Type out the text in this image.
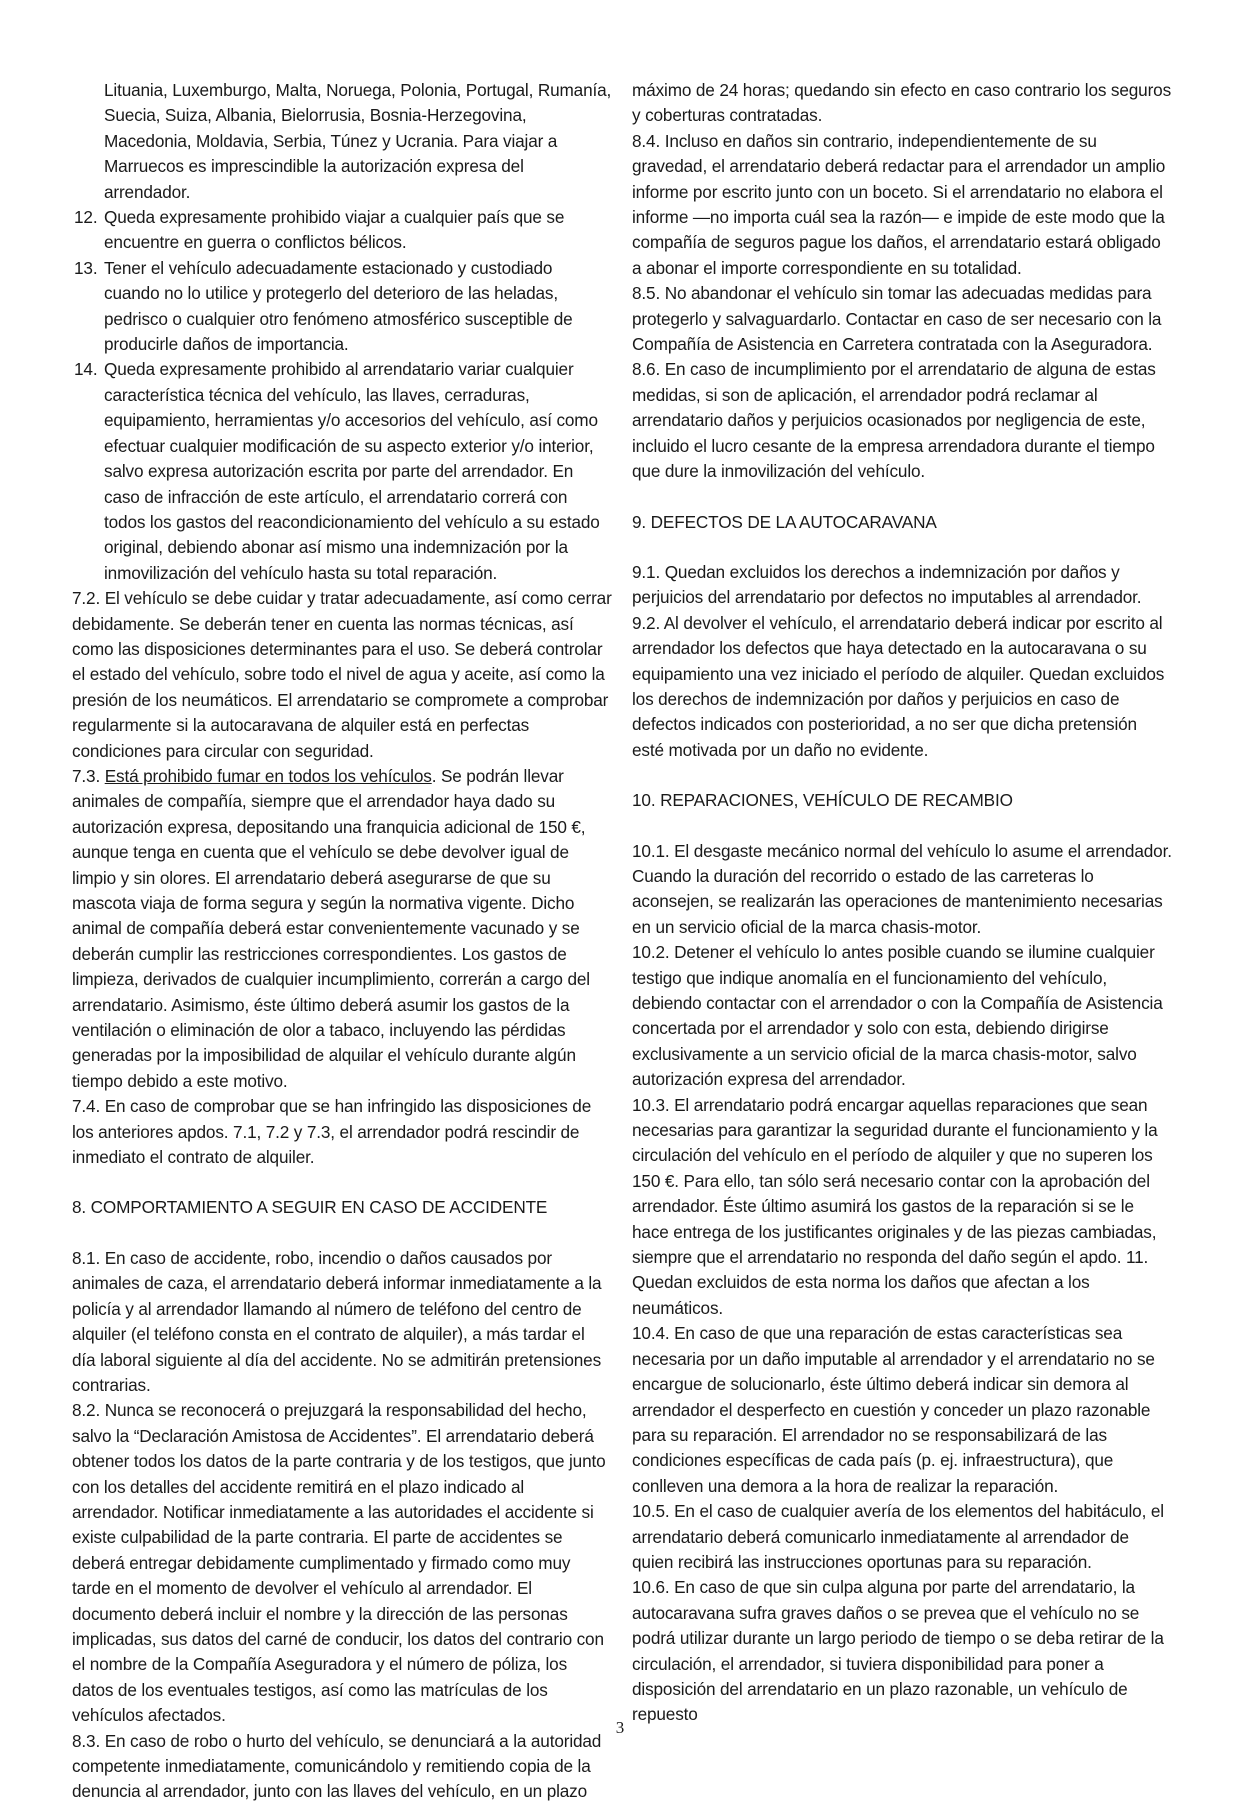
Lituania, Luxemburgo, Malta, Noruega, Polonia, Portugal, Rumanía, Suecia, Suiza, Albania, Bielorrusia, Bosnia-Herzegovina, Macedonia, Moldavia, Serbia, Túnez y Ucrania. Para viajar a Marruecos es imprescindible la autorización expresa del arrendador.

12. Queda expresamente prohibido viajar a cualquier país que se encuentre en guerra o conflictos bélicos.
13. Tener el vehículo adecuadamente estacionado y custodiado cuando no lo utilice y protegerlo del deterioro de las heladas, pedrisco o cualquier otro fenómeno atmosférico susceptible de producirle daños de importancia.
14. Queda expresamente prohibido al arrendatario variar cualquier característica técnica del vehículo, las llaves, cerraduras, equipamiento, herramientas y/o accesorios del vehículo, así como efectuar cualquier modificación de su aspecto exterior y/o interior, salvo expresa autorización escrita por parte del arrendador. En caso de infracción de este artículo, el arrendatario correrá con todos los gastos del reacondicionamiento del vehículo a su estado original, debiendo abonar así mismo una indemnización por la inmovilización del vehículo hasta su total reparación.

7.2. El vehículo se debe cuidar y tratar adecuadamente, así como cerrar debidamente. Se deberán tener en cuenta las normas técnicas, así como las disposiciones determinantes para el uso. Se deberá controlar el estado del vehículo, sobre todo el nivel de agua y aceite, así como la presión de los neumáticos. El arrendatario se compromete a comprobar regularmente si la autocaravana de alquiler está en perfectas condiciones para circular con seguridad.

7.3. Está prohibido fumar en todos los vehículos. Se podrán llevar animales de compañía, siempre que el arrendador haya dado su autorización expresa, depositando una franquicia adicional de 150 €, aunque tenga en cuenta que el vehículo se debe devolver igual de limpio y sin olores. El arrendatario deberá asegurarse de que su mascota viaja de forma segura y según la normativa vigente. Dicho animal de compañía deberá estar convenientemente vacunado y se deberán cumplir las restricciones correspondientes. Los gastos de limpieza, derivados de cualquier incumplimiento, correrán a cargo del arrendatario. Asimismo, éste último deberá asumir los gastos de la ventilación o eliminación de olor a tabaco, incluyendo las pérdidas generadas por la imposibilidad de alquilar el vehículo durante algún tiempo debido a este motivo.

7.4. En caso de comprobar que se han infringido las disposiciones de los anteriores apdos. 7.1, 7.2 y 7.3, el arrendador podrá rescindir de inmediato el contrato de alquiler.

8. COMPORTAMIENTO A SEGUIR EN CASO DE ACCIDENTE

8.1. En caso de accidente, robo, incendio o daños causados por animales de caza, el arrendatario deberá informar inmediatamente a la policía y al arrendador llamando al número de teléfono del centro de alquiler (el teléfono consta en el contrato de alquiler), a más tardar el día laboral siguiente al día del accidente. No se admitirán pretensiones contrarias.

8.2. Nunca se reconocerá o prejuzgará la responsabilidad del hecho, salvo la “Declaración Amistosa de Accidentes”. El arrendatario deberá obtener todos los datos de la parte contraria y de los testigos, que junto con los detalles del accidente remitirá en el plazo indicado al arrendador. Notificar inmediatamente a las autoridades el accidente si existe culpabilidad de la parte contraria. El parte de accidentes se deberá entregar debidamente cumplimentado y firmado como muy tarde en el momento de devolver el vehículo al arrendador. El documento deberá incluir el nombre y la dirección de las personas implicadas, sus datos del carné de conducir, los datos del contrario con el nombre de la Compañía Aseguradora y el número de póliza, los datos de los eventuales testigos, así como las matrículas de los vehículos afectados.

8.3. En caso de robo o hurto del vehículo, se denunciará a la autoridad competente inmediatamente, comunicándolo y remitiendo copia de la denuncia al arrendador, junto con las llaves del vehículo, en un plazo

máximo de 24 horas; quedando sin efecto en caso contrario los seguros y coberturas contratadas.

8.4. Incluso en daños sin contrario, independientemente de su gravedad, el arrendatario deberá redactar para el arrendador un amplio informe por escrito junto con un boceto. Si el arrendatario no elabora el informe —no importa cuál sea la razón— e impide de este modo que la compañía de seguros pague los daños, el arrendatario estará obligado a abonar el importe correspondiente en su totalidad.

8.5. No abandonar el vehículo sin tomar las adecuadas medidas para protegerlo y salvaguardarlo. Contactar en caso de ser necesario con la Compañía de Asistencia en Carretera contratada con la Aseguradora.

8.6. En caso de incumplimiento por el arrendatario de alguna de estas medidas, si son de aplicación, el arrendador podrá reclamar al arrendatario daños y perjuicios ocasionados por negligencia de este, incluido el lucro cesante de la empresa arrendadora durante el tiempo que dure la inmovilización del vehículo.

9. DEFECTOS DE LA AUTOCARAVANA

9.1. Quedan excluidos los derechos a indemnización por daños y perjuicios del arrendatario por defectos no imputables al arrendador.

9.2. Al devolver el vehículo, el arrendatario deberá indicar por escrito al arrendador los defectos que haya detectado en la autocaravana o su equipamiento una vez iniciado el período de alquiler. Quedan excluidos los derechos de indemnización por daños y perjuicios en caso de defectos indicados con posterioridad, a no ser que dicha pretensión esté motivada por un daño no evidente.

10. REPARACIONES, VEHÍCULO DE RECAMBIO

10.1. El desgaste mecánico normal del vehículo lo asume el arrendador. Cuando la duración del recorrido o estado de las carreteras lo aconsejen, se realizarán las operaciones de mantenimiento necesarias en un servicio oficial de la marca chasis-motor.

10.2. Detener el vehículo lo antes posible cuando se ilumine cualquier testigo que indique anomalía en el funcionamiento del vehículo, debiendo contactar con el arrendador o con la Compañía de Asistencia concertada por el arrendador y solo con esta, debiendo dirigirse exclusivamente a un servicio oficial de la marca chasis-motor, salvo autorización expresa del arrendador.

10.3. El arrendatario podrá encargar aquellas reparaciones que sean necesarias para garantizar la seguridad durante el funcionamiento y la circulación del vehículo en el período de alquiler y que no superen los 150 €. Para ello, tan sólo será necesario contar con la aprobación del arrendador. Éste último asumirá los gastos de la reparación si se le hace entrega de los justificantes originales y de las piezas cambiadas, siempre que el arrendatario no responda del daño según el apdo. 11. Quedan excluidos de esta norma los daños que afectan a los neumáticos.

10.4. En caso de que una reparación de estas características sea necesaria por un daño imputable al arrendador y el arrendatario no se encargue de solucionarlo, éste último deberá indicar sin demora al arrendador el desperfecto en cuestión y conceder un plazo razonable para su reparación. El arrendador no se responsabilizará de las condiciones específicas de cada país (p. ej. infraestructura), que conlleven una demora a la hora de realizar la reparación.

10.5. En el caso de cualquier avería de los elementos del habitáculo, el arrendatario deberá comunicarlo inmediatamente al arrendador de quien recibirá las instrucciones oportunas para su reparación.

10.6. En caso de que sin culpa alguna por parte del arrendatario, la autocaravana sufra graves daños o se prevea que el vehículo no se podrá utilizar durante un largo periodo de tiempo o se deba retirar de la circulación, el arrendador, si tuviera disponibilidad para poner a disposición del arrendatario en un plazo razonable, un vehículo de repuesto

3
